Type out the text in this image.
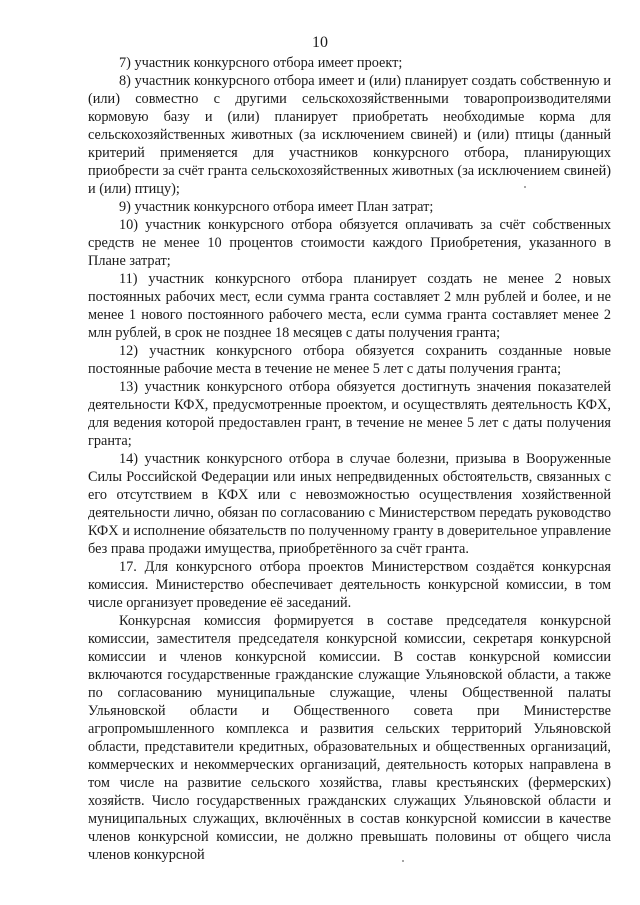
10

7) участник конкурсного отбора имеет проект;

8) участник конкурсного отбора имеет и (или) планирует создать собственную и (или) совместно с другими сельскохозяйственными товаропроизводителями кормовую базу и (или) планирует приобретать необходимые корма для сельскохозяйственных животных (за исключением свиней) и (или) птицы (данный критерий применяется для участников конкурсного отбора, планирующих приобрести за счёт гранта сельскохозяйственных животных (за исключением свиней) и (или) птицу);

9) участник конкурсного отбора имеет План затрат;

10) участник конкурсного отбора обязуется оплачивать за счёт собственных средств не менее 10 процентов стоимости каждого Приобретения, указанного в Плане затрат;

11) участник конкурсного отбора планирует создать не менее 2 новых постоянных рабочих мест, если сумма гранта составляет 2 млн рублей и более, и не менее 1 нового постоянного рабочего места, если сумма гранта составляет менее 2 млн рублей, в срок не позднее 18 месяцев с даты получения гранта;

12) участник конкурсного отбора обязуется сохранить созданные новые постоянные рабочие места в течение не менее 5 лет с даты получения гранта;

13) участник конкурсного отбора обязуется достигнуть значения показателей деятельности КФХ, предусмотренные проектом, и осуществлять деятельность КФХ, для ведения которой предоставлен грант, в течение не менее 5 лет с даты получения гранта;

14) участник конкурсного отбора в случае болезни, призыва в Вооруженные Силы Российской Федерации или иных непредвиденных обстоятельств, связанных с его отсутствием в КФХ или с невозможностью осуществления хозяйственной деятельности лично, обязан по согласованию с Министерством передать руководство КФХ и исполнение обязательств по полученному гранту в доверительное управление без права продажи имущества, приобретённого за счёт гранта.

17. Для конкурсного отбора проектов Министерством создаётся конкурсная комиссия. Министерство обеспечивает деятельность конкурсной комиссии, в том числе организует проведение её заседаний.

Конкурсная комиссия формируется в составе председателя конкурсной комиссии, заместителя председателя конкурсной комиссии, секретаря конкурсной комиссии и членов конкурсной комиссии. В состав конкурсной комиссии включаются государственные гражданские служащие Ульяновской области, а также по согласованию муниципальные служащие, члены Общественной палаты Ульяновской области и Общественного совета при Министерстве агропромышленного комплекса и развития сельских территорий Ульяновской области, представители кредитных, образовательных и общественных организаций, коммерческих и некоммерческих организаций, деятельность которых направлена в том числе на развитие сельского хозяйства, главы крестьянских (фермерских) хозяйств. Число государственных гражданских служащих Ульяновской области и муниципальных служащих, включённых в состав конкурсной комиссии в качестве членов конкурсной комиссии, не должно превышать половины от общего числа членов конкурсной
